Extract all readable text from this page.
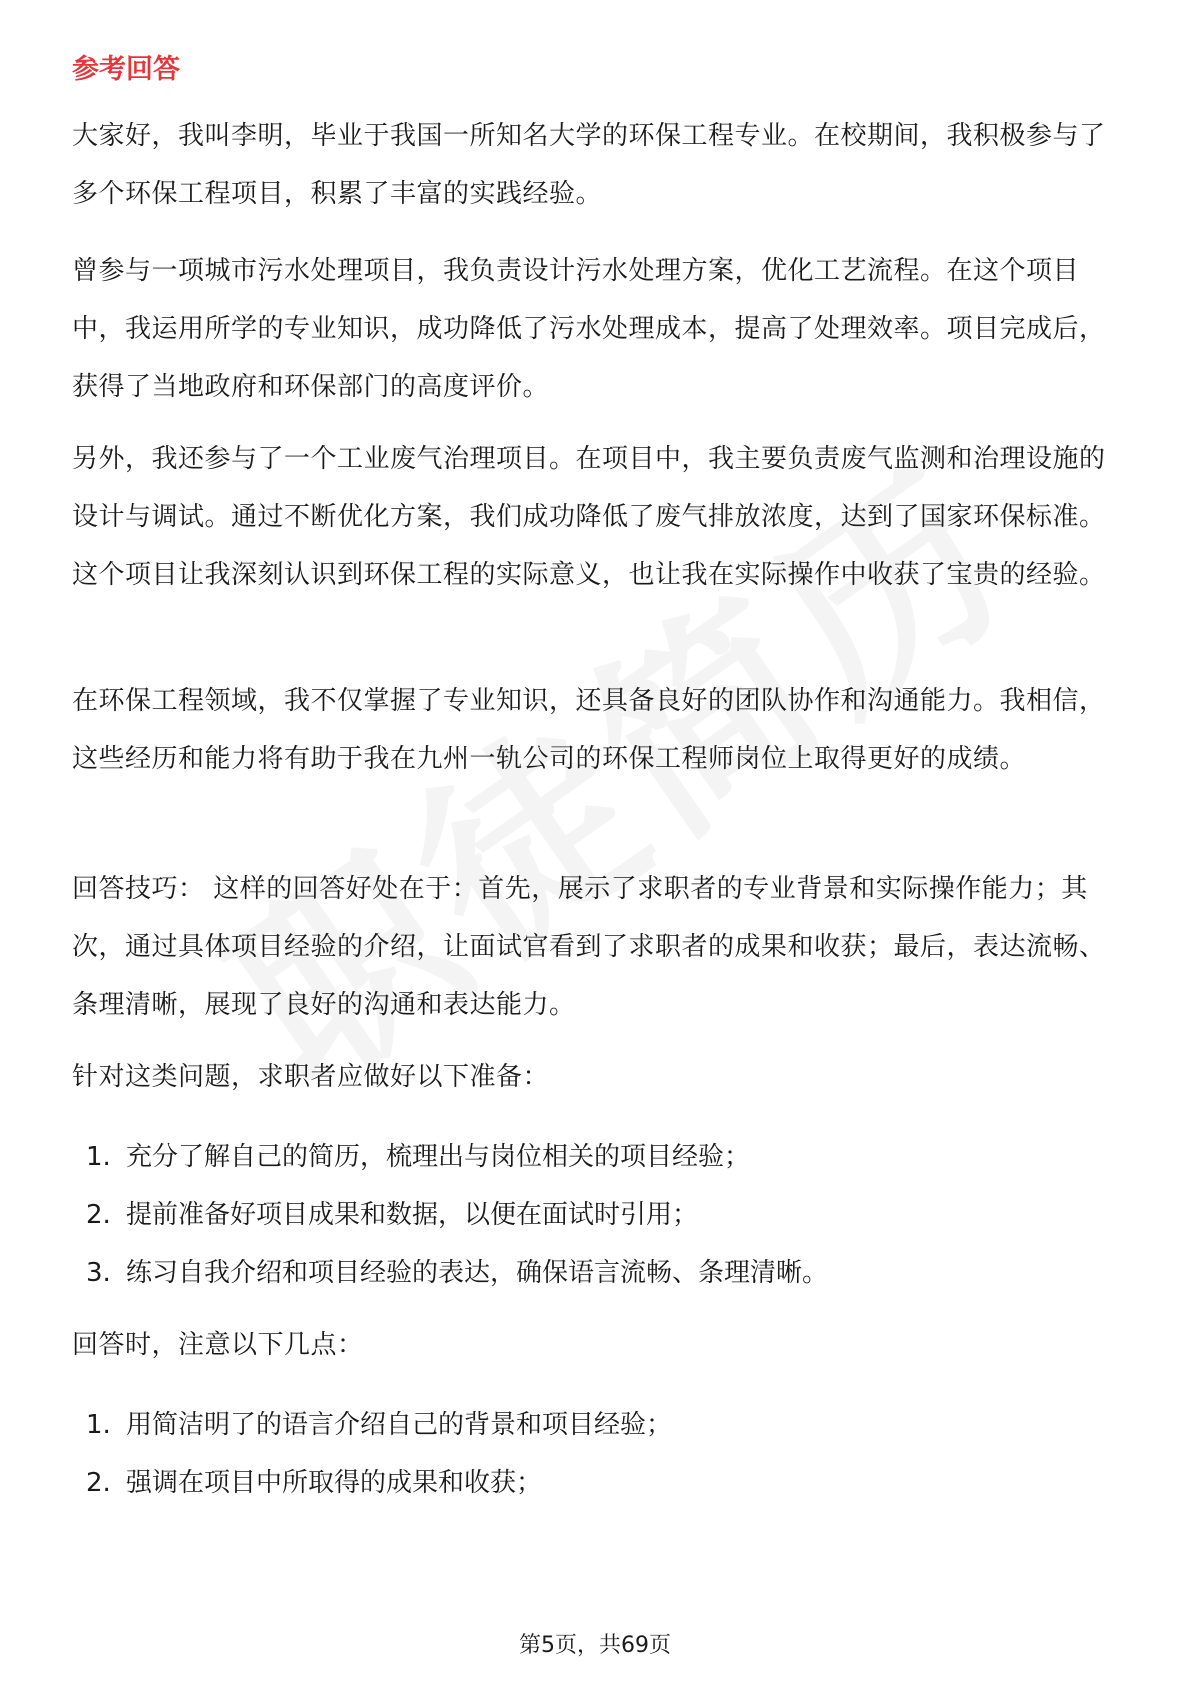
参考回答

大家好，我叫李明，毕业于我国一所知名大学的环保工程专业。在校期间，我积极参与了多个环保工程项目，积累了丰富的实践经验。

曾参与一项城市污水处理项目，我负责设计污水处理方案，优化工艺流程。在这个项目中，我运用所学的专业知识，成功降低了污水处理成本，提高了处理效率。项目完成后，获得了当地政府和环保部门的高度评价。

另外，我还参与了一个工业废气治理项目。在项目中，我主要负责废气监测和治理设施的设计与调试。通过不断优化方案，我们成功降低了废气排放浓度，达到了国家环保标准。这个项目让我深刻认识到环保工程的实际意义，也让我在实际操作中收获了宝贵的经验。

在环保工程领域，我不仅掌握了专业知识，还具备良好的团队协作和沟通能力。我相信，这些经历和能力将有助于我在九州一轨公司的环保工程师岗位上取得更好的成绩。

回答技巧： 这样的回答好处在于：首先，展示了求职者的专业背景和实际操作能力；其次，通过具体项目经验的介绍，让面试官看到了求职者的成果和收获；最后，表达流畅、条理清晰，展现了良好的沟通和表达能力。

针对这类问题，求职者应做好以下准备：

1. 充分了解自己的简历，梳理出与岗位相关的项目经验；
2. 提前准备好项目成果和数据，以便在面试时引用；
3. 练习自我介绍和项目经验的表达，确保语言流畅、条理清晰。

回答时，注意以下几点：

1. 用简洁明了的语言介绍自己的背景和项目经验；
2. 强调在项目中所取得的成果和收获；
第5页，共69页
